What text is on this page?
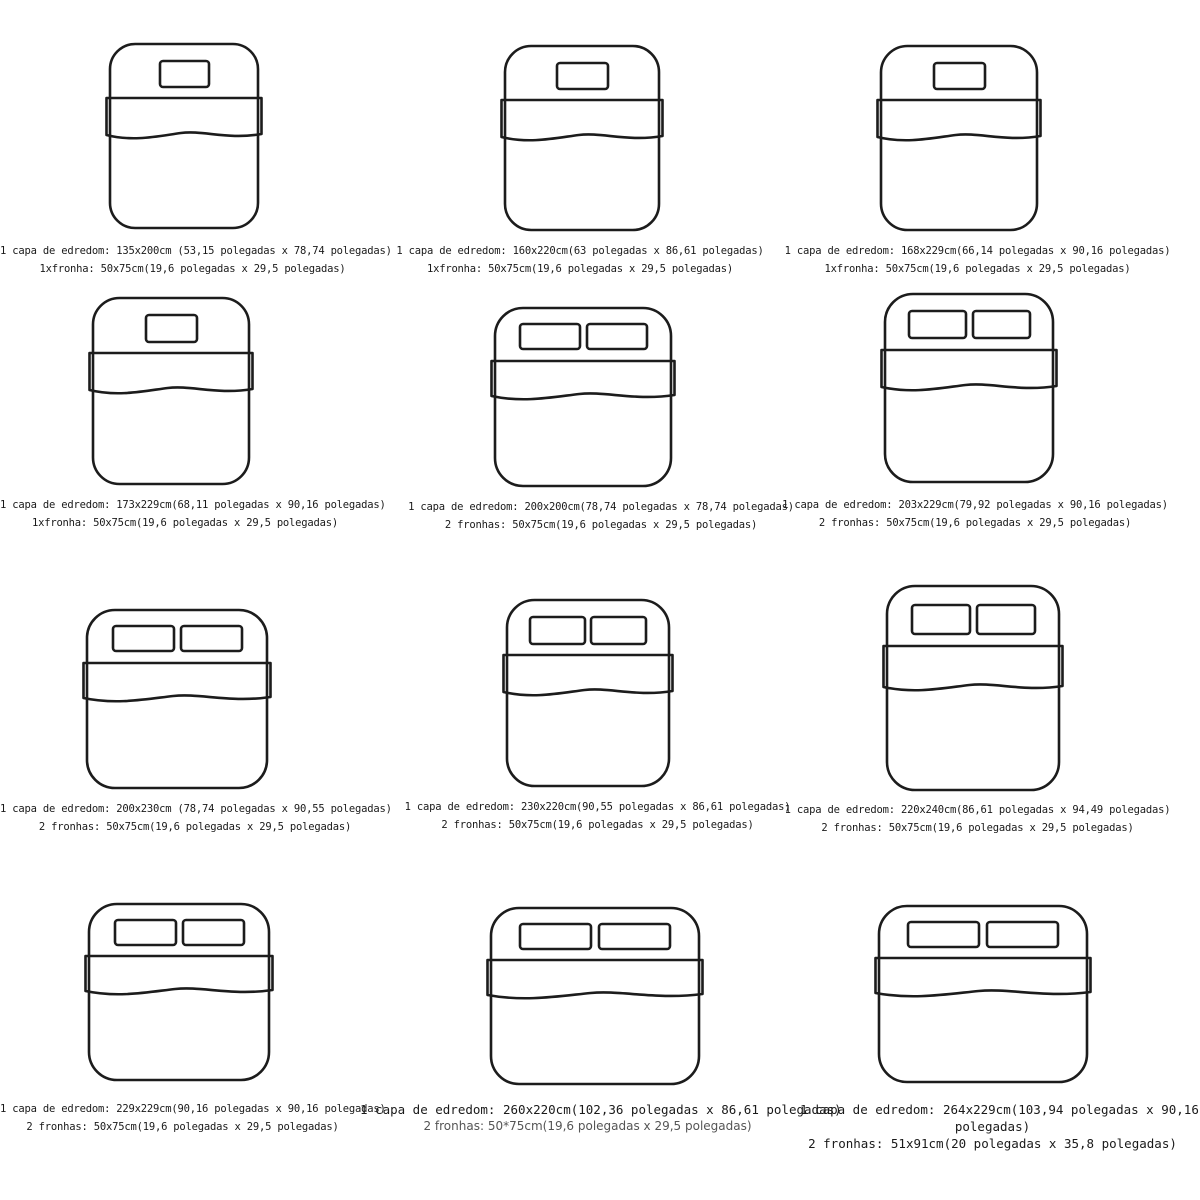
1 capa de edredom: 135x200cm (53,15 polegadas x 78,74 polegadas)
1xfronha: 50x75cm(19,6 polegadas x 29,5 polegadas)
1 capa de edredom: 160x220cm(63 polegadas x 86,61 polegadas)
1xfronha: 50x75cm(19,6 polegadas x 29,5 polegadas)
1 capa de edredom: 168x229cm(66,14 polegadas x 90,16 polegadas)
1xfronha: 50x75cm(19,6 polegadas x 29,5 polegadas)
1 capa de edredom: 173x229cm(68,11 polegadas x 90,16 polegadas)
1xfronha: 50x75cm(19,6 polegadas x 29,5 polegadas)
1 capa de edredom: 200x200cm(78,74 polegadas x 78,74 polegadas)
2 fronhas: 50x75cm(19,6 polegadas x 29,5 polegadas)
1 capa de edredom: 203x229cm(79,92 polegadas x 90,16 polegadas)
2 fronhas: 50x75cm(19,6 polegadas x 29,5 polegadas)
1 capa de edredom: 200x230cm (78,74 polegadas x 90,55 polegadas)
2 fronhas: 50x75cm(19,6 polegadas x 29,5 polegadas)
1 capa de edredom: 230x220cm(90,55 polegadas x 86,61 polegadas)
2 fronhas: 50x75cm(19,6 polegadas x 29,5 polegadas)
1 capa de edredom: 220x240cm(86,61 polegadas x 94,49 polegadas)
2 fronhas: 50x75cm(19,6 polegadas x 29,5 polegadas)
1 capa de edredom: 229x229cm(90,16 polegadas x 90,16 polegadas)
2 fronhas: 50x75cm(19,6 polegadas x 29,5 polegadas)
1 capa de edredom: 260x220cm(102,36 polegadas x 86,61 polegadas)
2 fronhas: 50*75cm(19,6 polegadas x 29,5 polegadas)
1 capa de edredom: 264x229cm(103,94 polegadas x 90,16
polegadas)
2 fronhas: 51x91cm(20 polegadas x 35,8 polegadas)
